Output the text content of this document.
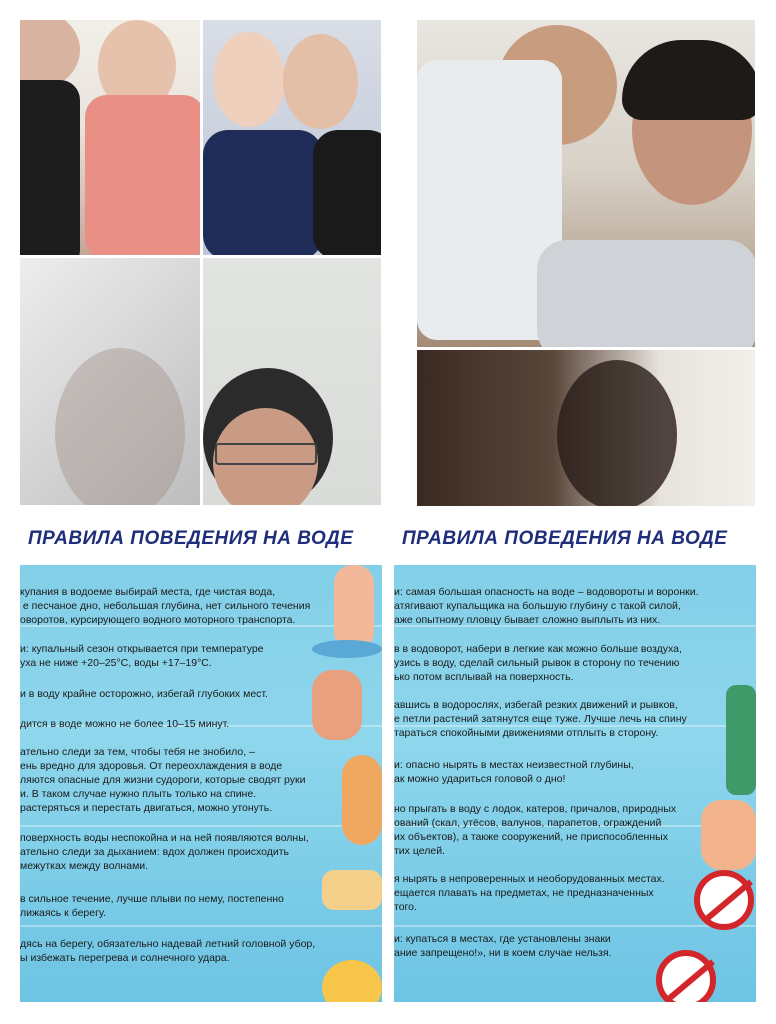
ПРАВИЛА ПОВЕДЕНИЯ НА ВОДЕ
купания в водоеме выбирай места, где чистая вода,
е песчаное дно, небольшая глубина, нет сильного течения
оворотов, курсирующего водного моторного транспорта.
и: купальный сезон открывается при температуре
уха не ниже +20–25°C, воды +17–19°C.
и в воду крайне осторожно, избегай глубоких мест.
дится в воде можно не более 10–15 минут.
ательно следи за тем, чтобы тебя не знобило, –
ень вредно для здоровья. От переохлаждения в воде
ляются опасные для жизни судороги, которые сводят руки
и. В таком случае нужно плыть только на спине.
растеряться и перестать двигаться, можно утонуть.
поверхность воды неспокойна и на ней появляются волны,
ательно следи за дыханием: вдох должен происходить
межутках между волнами.
в сильное течение, лучше плыви по нему, постепенно
лижаясь к берегу.
дясь на берегу, обязательно надевай летний головной убор,
ы избежать перегрева и солнечного удара.
ПРАВИЛА ПОВЕДЕНИЯ НА ВОДЕ
и: самая большая опасность на воде – водовороты и воронки.
атягивают купальщика на большую глубину с такой силой,
аже опытному пловцу бывает сложно выплыть из них.
в в водоворот, набери в легкие как можно больше воздуха,
узись в воду, сделай сильный рывок в сторону по течению
ько потом всплывай на поверхность.
авшись в водорослях, избегай резких движений и рывков,
е петли растений затянутся еще туже. Лучше лечь на спину
тараться спокойными движениями отплыть в сторону.
и: опасно нырять в местах неизвестной глубины,
ак можно удариться головой о дно!
но прыгать в воду с лодок, катеров, причалов, природных
ований (скал, утёсов, валунов, парапетов, ограждений
их объектов), а также сооружений, не приспособленных
тих целей.
я нырять в непроверенных и необорудованных местах.
ещается плавать на предметах, не предназначенных
того.
и: купаться в местах, где установлены знаки
ание запрещено!», ни в коем случае нельзя.
